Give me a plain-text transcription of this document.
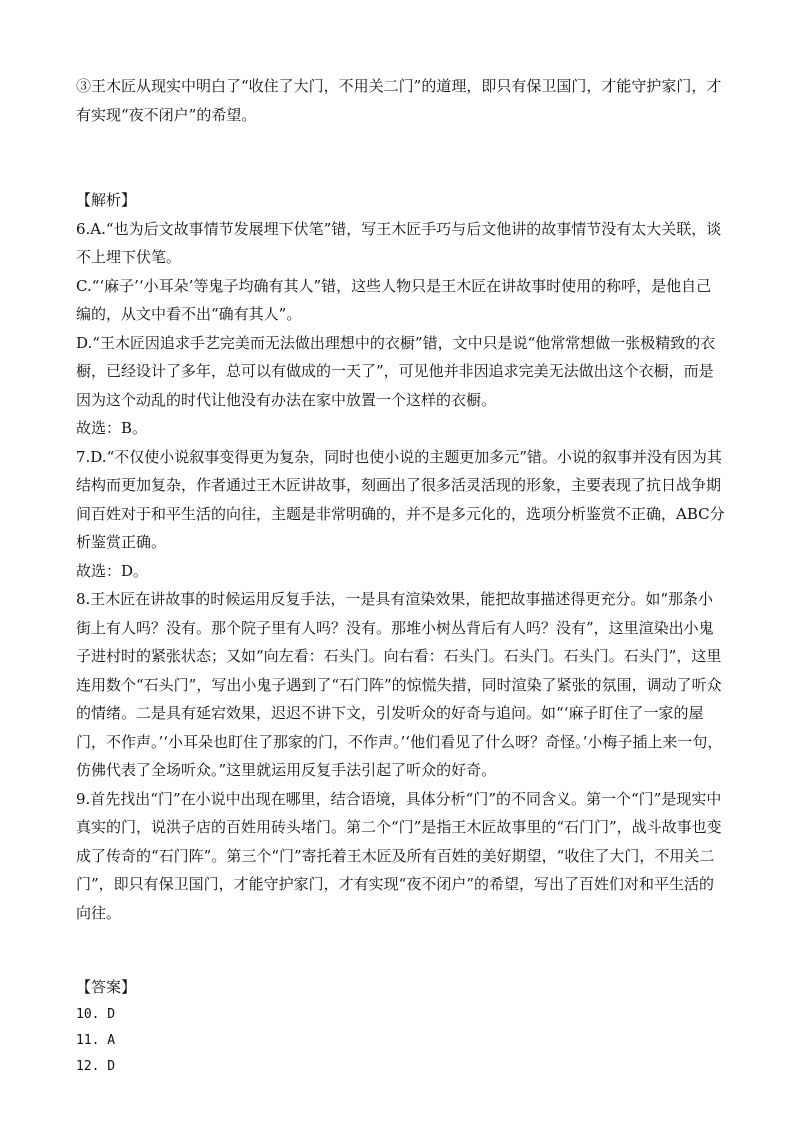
③王木匠从现实中明白了“收住了大门，不用关二门”的道理，即只有保卫国门，才能守护家门，才有实现“夜不闭户”的希望。

【解析】

6.A.“也为后文故事情节发展埋下伏笔”错，写王木匠手巧与后文他讲的故事情节没有太大关联，谈不上埋下伏笔。

C.“‘麻子’‘小耳朵’等鬼子均确有其人”错，这些人物只是王木匠在讲故事时使用的称呼，是他自己编的，从文中看不出“确有其人”。

D.“王木匠因追求手艺完美而无法做出理想中的衣橱”错，文中只是说“他常常想做一张极精致的衣橱，已经设计了多年，总可以有做成的一天了”，可见他并非因追求完美无法做出这个衣橱，而是因为这个动乱的时代让他没有办法在家中放置一个这样的衣橱。

故选：B。

7.D.“不仅使小说叙事变得更为复杂，同时也使小说的主题更加多元”错。小说的叙事并没有因为其结构而更加复杂，作者通过王木匠讲故事，刻画出了很多活灵活现的形象，主要表现了抗日战争期间百姓对于和平生活的向往，主题是非常明确的，并不是多元化的，选项分析鉴赏不正确，ABC分析鉴赏正确。

故选：D。

8.王木匠在讲故事的时候运用反复手法，一是具有渲染效果，能把故事描述得更充分。如“那条小街上有人吗？没有。那个院子里有人吗？没有。那堆小树丛背后有人吗？没有”，这里渲染出小鬼子进村时的紧张状态；又如“向左看：石头门。向右看：石头门。石头门。石头门。石头门”，这里连用数个“石头门”，写出小鬼子遇到了“石门阵”的惊慌失措，同时渲染了紧张的氛围，调动了听众的情绪。二是具有延宕效果，迟迟不讲下文，引发听众的好奇与追问。如“‘麻子盯住了一家的屋门，不作声。’‘小耳朵也盯住了那家的门，不作声。’‘他们看见了什么呀？奇怪。’小梅子插上来一句，仿佛代表了全场听众。”这里就运用反复手法引起了听众的好奇。

9.首先找出“门”在小说中出现在哪里，结合语境，具体分析“门”的不同含义。第一个“门”是现实中真实的门，说洪子店的百姓用砖头堵门。第二个“门”是指王木匠故事里的“石门门”，战斗故事也变成了传奇的“石门阵”。第三个“门”寄托着王木匠及所有百姓的美好期望，“收住了大门，不用关二门”，即只有保卫国门，才能守护家门，才有实现“夜不闭户”的希望，写出了百姓们对和平生活的向往。

【答案】

10. D
11. A
12. D
